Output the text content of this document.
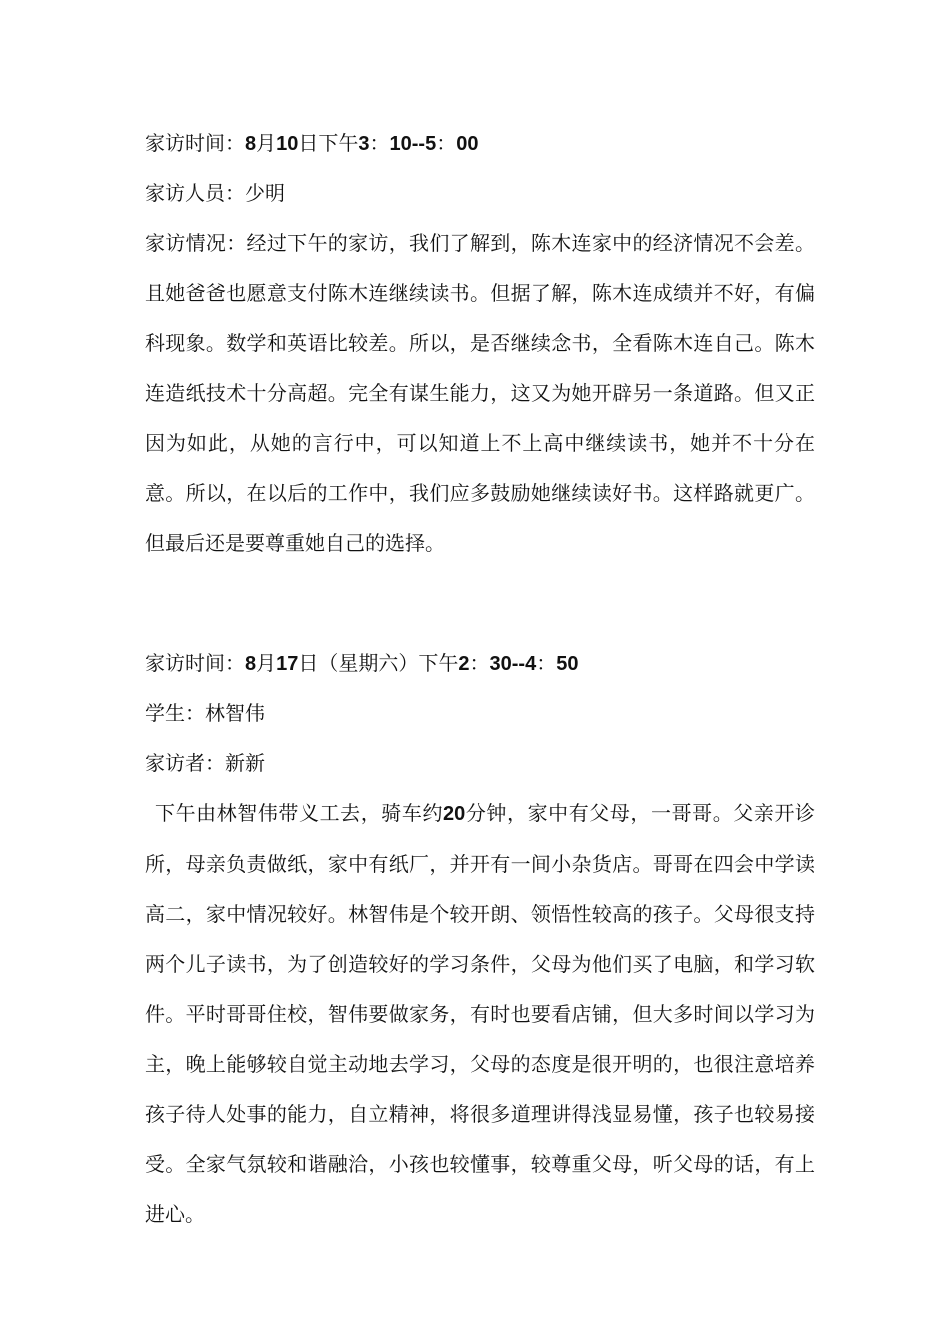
家访时间：8月10日下午3：10--5：00
家访人员：少明
家访情况：经过下午的家访，我们了解到，陈木连家中的经济情况不会差。且她爸爸也愿意支付陈木连继续读书。但据了解，陈木连成绩并不好，有偏科现象。数学和英语比较差。所以，是否继续念书，全看陈木连自己。陈木连造纸技术十分高超。完全有谋生能力，这又为她开辟另一条道路。但又正因为如此，从她的言行中，可以知道上不上高中继续读书，她并不十分在意。所以，在以后的工作中，我们应多鼓励她继续读好书。这样路就更广。但最后还是要尊重她自己的选择。
家访时间：8月17日（星期六）下午2：30--4：50
学生：林智伟
家访者：新新
下午由林智伟带义工去，骑车约20分钟，家中有父母，一哥哥。父亲开诊所，母亲负责做纸，家中有纸厂，并开有一间小杂货店。哥哥在四会中学读高二，家中情况较好。林智伟是个较开朗、领悟性较高的孩子。父母很支持两个儿子读书，为了创造较好的学习条件，父母为他们买了电脑，和学习软件。平时哥哥住校，智伟要做家务，有时也要看店铺，但大多时间以学习为主，晚上能够较自觉主动地去学习，父母的态度是很开明的，也很注意培养孩子待人处事的能力，自立精神，将很多道理讲得浅显易懂，孩子也较易接受。全家气氛较和谐融洽，小孩也较懂事，较尊重父母，听父母的话，有上进心。
